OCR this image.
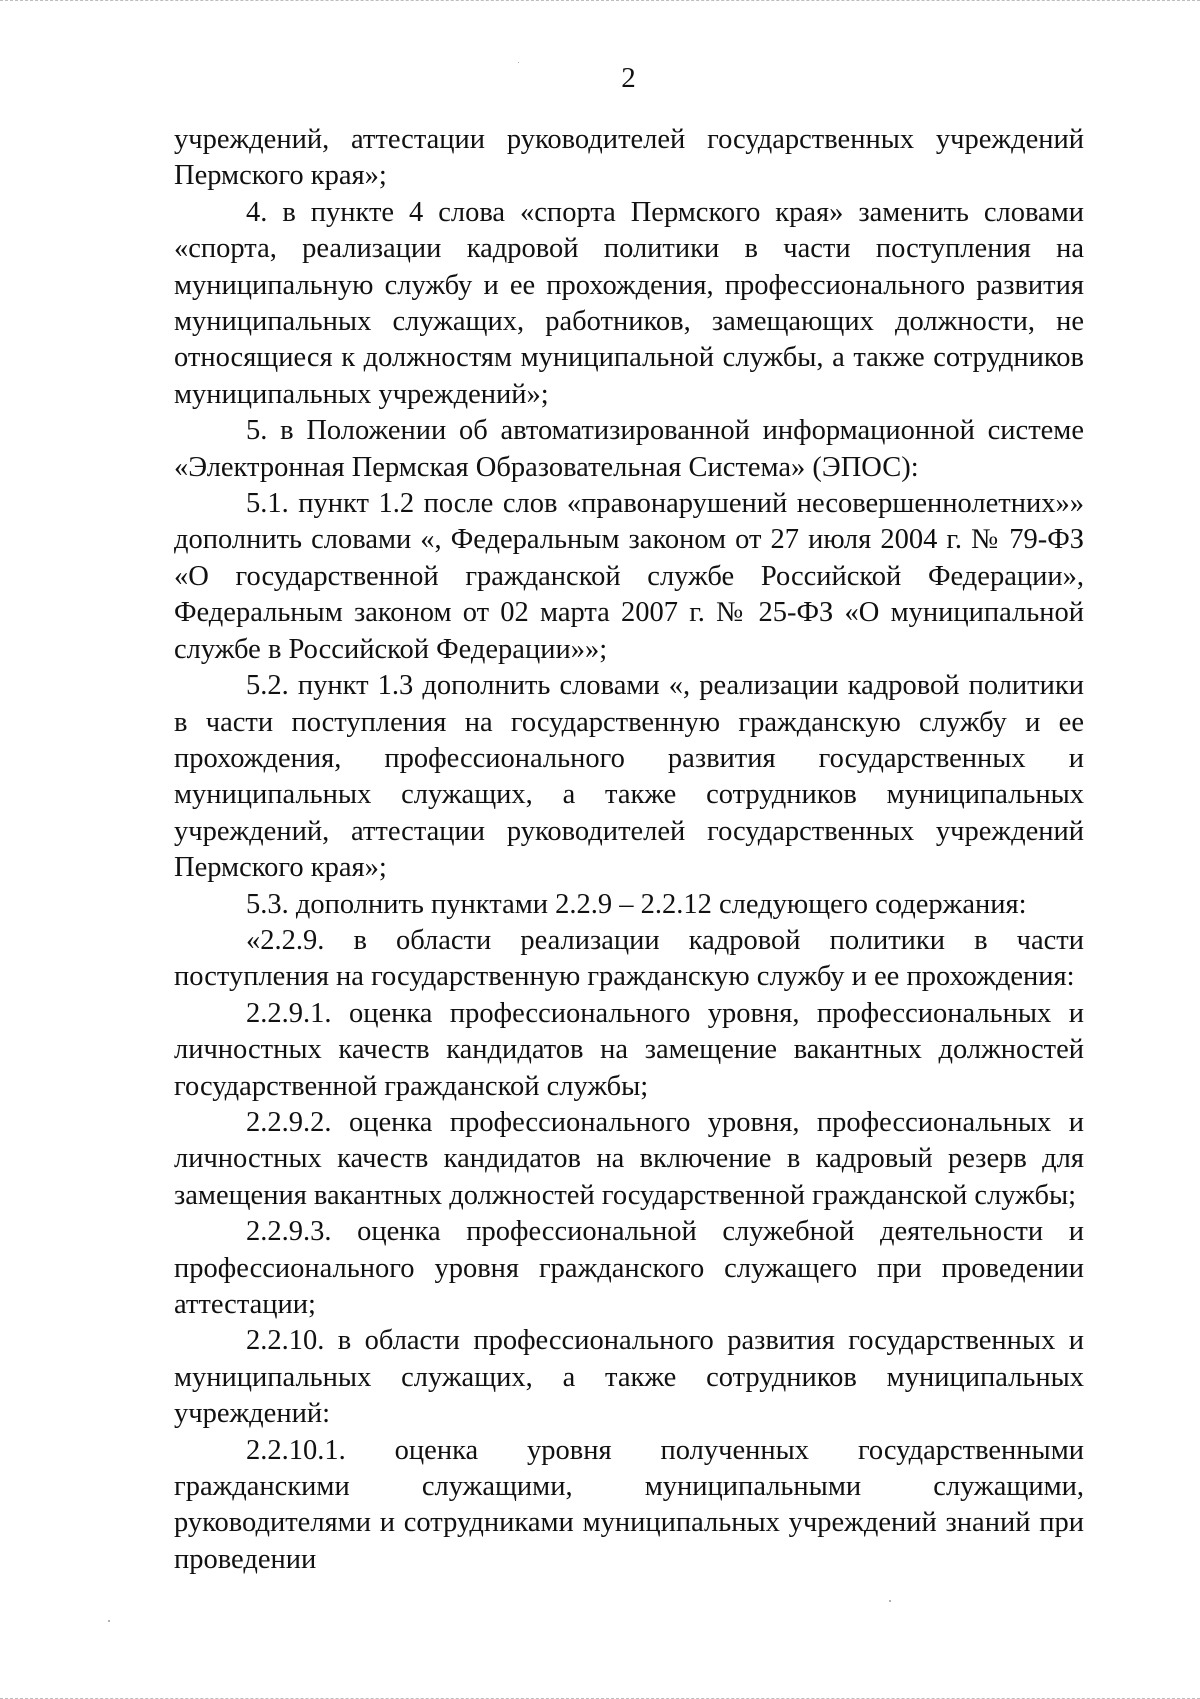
2

учреждений, аттестации руководителей государственных учреждений Пермского края»;

4. в пункте 4 слова «спорта Пермского края» заменить словами «спорта, реализации кадровой политики в части поступления на муниципальную службу и ее прохождения, профессионального развития муниципальных служащих, работников, замещающих должности, не относящиеся к должностям муниципальной службы, а также сотрудников муниципальных учреждений»;

5. в Положении об автоматизированной информационной системе «Электронная Пермская Образовательная Система» (ЭПОС):

5.1. пункт 1.2 после слов «правонарушений несовершеннолетних»» дополнить словами «, Федеральным законом от 27 июля 2004 г. № 79-ФЗ «О государственной гражданской службе Российской Федерации», Федеральным законом от 02 марта 2007 г. № 25-ФЗ «О муниципальной службе в Российской Федерации»»;

5.2. пункт 1.3 дополнить словами «, реализации кадровой политики в части поступления на государственную гражданскую службу и ее прохождения, профессионального развития государственных и муниципальных служащих, а также сотрудников муниципальных учреждений, аттестации руководителей государственных учреждений Пермского края»;

5.3. дополнить пунктами 2.2.9 – 2.2.12 следующего содержания:

«2.2.9. в области реализации кадровой политики в части поступления на государственную гражданскую службу и ее прохождения:

2.2.9.1. оценка профессионального уровня, профессиональных и личностных качеств кандидатов на замещение вакантных должностей государственной гражданской службы;

2.2.9.2. оценка профессионального уровня, профессиональных и личностных качеств кандидатов на включение в кадровый резерв для замещения вакантных должностей государственной гражданской службы;

2.2.9.3. оценка профессиональной служебной деятельности и профессионального уровня гражданского служащего при проведении аттестации;

2.2.10. в области профессионального развития государственных и муниципальных служащих, а также сотрудников муниципальных учреждений:

2.2.10.1. оценка уровня полученных государственными гражданскими служащими, муниципальными служащими, руководителями и сотрудниками муниципальных учреждений знаний при проведении
